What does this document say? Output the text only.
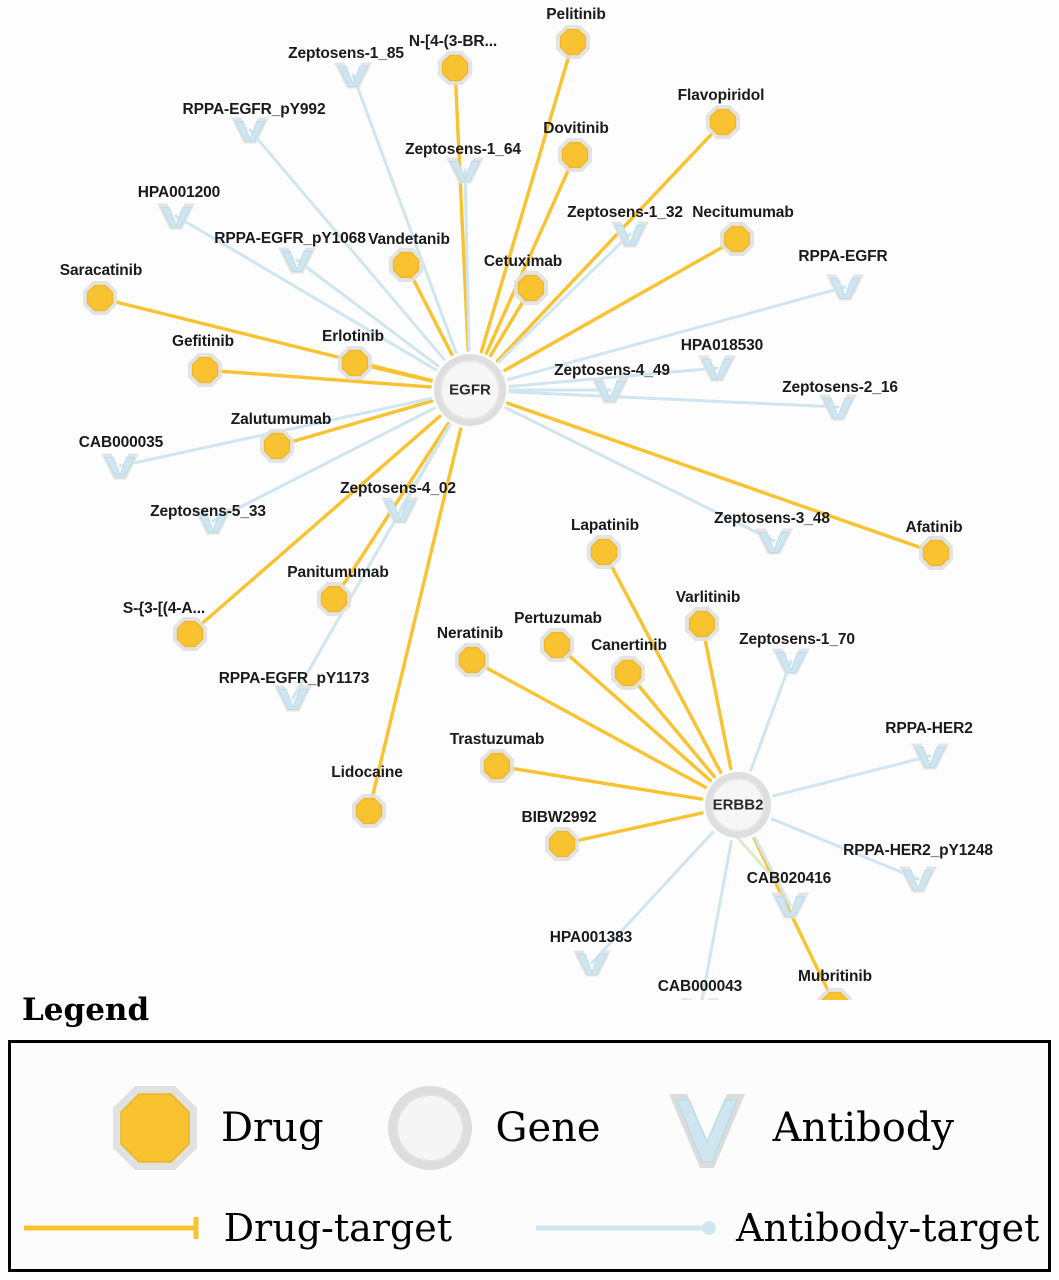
Pelitinib
N-[4-(3-BR...
Flavopiridol
Dovitinib
Necitumumab
Vandetanib
Cetuximab
Saracatinib
Erlotinib
Gefitinib
Zalutumumab
Afatinib
Lapatinib
Varlitinib
Panitumumab
S-{3-[(4-A...
Pertuzumab
Neratinib
Canertinib
Trastuzumab
Lidocaine
BIBW2992
Mubritinib
Zeptosens-1_85
RPPA-EGFR_pY992
Zeptosens-1_64
HPA001200
Zeptosens-1_32
RPPA-EGFR_pY1068
RPPA-EGFR
HPA018530
Zeptosens-4_49
Zeptosens-2_16
CAB000035
Zeptosens-4_02
Zeptosens-5_33	Zeptosens-3_48
RPPA-EGFR_pY1173
Zeptosens-1_70
RPPA-HER2
RPPA-HER2_pY1248
CAB020416
HPA001383
CAB000043
EGFR
ERBB2
Legend
Drug	Gene	Antibody
Drug-target	Antibody-target
